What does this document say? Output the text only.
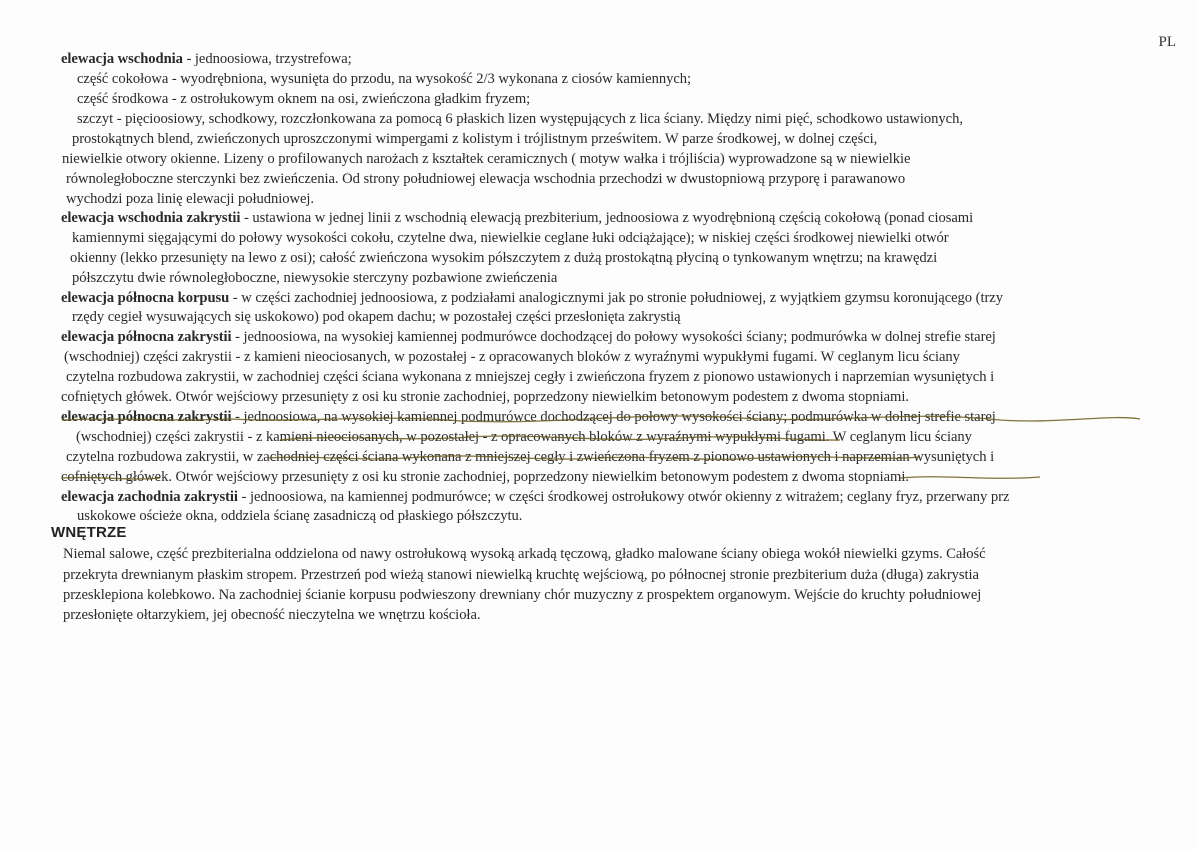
PL
elewacja wschodnia - jednoosiowa, trzystrefowa;
część cokołowa - wyodrębniona, wysunięta do przodu, na wysokość 2/3 wykonana z ciosów kamiennych;
część środkowa - z ostrołukowym oknem na osi, zwieńczona gładkim fryzem;
szczyt - pięcioosiowy, schodkowy, rozczłonkowana za pomocą 6 płaskich lizen występujących z lica ściany. Między nimi pięć, schodkowo ustawionych,
prostokątnych blend, zwieńczonych uproszczonymi wimpergami z kolistym i trójlistnym prześwitem. W parze środkowej, w dolnej części,
niewielkie otwory okienne. Lizeny o profilowanych narożach z kształtek ceramicznych ( motyw wałka i trójliścia) wyprowadzone są w niewielkie
równoległoboczne sterczynki bez zwieńczenia. Od strony południowej elewacja wschodnia przechodzi w dwustopniową przyporę i parawanowo
wychodzi poza linię elewacji południowej.
elewacja wschodnia zakrystii - ustawiona w jednej linii z wschodnią elewacją prezbiterium, jednoosiowa z wyodrębnioną częścią cokołową (ponad ciosami
kamiennymi sięgającymi do połowy wysokości cokołu, czytelne dwa, niewielkie ceglane łuki odciążające); w niskiej części środkowej niewielki otwór
okienny (lekko przesunięty na lewo z osi); całość zwieńczona wysokim półszczytem z dużą prostokątną płyciną o tynkowanym wnętrzu; na krawędzi
półszczytu dwie równoległoboczne, niewysokie sterczyny pozbawione zwieńczenia
elewacja północna korpusu - w części zachodniej jednoosiowa, z podziałami analogicznymi jak po stronie południowej, z wyjątkiem gzymsu koronującego (trzy
rzędy cegieł wysuwających się uskokowo) pod okapem dachu; w pozostałej części przesłonięta zakrystią
elewacja północna zakrystii - jednoosiowa, na wysokiej kamiennej podmurówce dochodzącej do połowy wysokości ściany; podmurówka w dolnej strefie starej
(wschodniej) części zakrystii - z kamieni nieociosanych, w pozostałej - z opracowanych bloków z wyraźnymi wypukłymi fugami. W ceglanym licu ściany
czytelna rozbudowa zakrystii, w zachodniej części ściana wykonana z mniejszej cegły i zwieńczona fryzem z pionowo ustawionych i naprzemian wysuniętych i
cofniętych główek. Otwór wejściowy przesunięty z osi ku stronie zachodniej, poprzedzony niewielkim betonowym podestem z dwoma stopniami.
elewacja północna zakrystii - jednoosiowa, na wysokiej kamiennej podmurówce dochodzącej do połowy wysokości ściany; podmurówka w dolnej strefie starej
(wschodniej) części zakrystii - z kamieni nieociosanych, w pozostałej - z opracowanych bloków z wyraźnymi wypukłymi fugami. W ceglanym licu ściany
czytelna rozbudowa zakrystii, w zachodniej części ściana wykonana z mniejszej cegły i zwieńczona fryzem z pionowo ustawionych i naprzemian wysuniętych i
cofniętych główek. Otwór wejściowy przesunięty z osi ku stronie zachodniej, poprzedzony niewielkim betonowym podestem z dwoma stopniami.
elewacja zachodnia zakrystii - jednoosiowa, na kamiennej podmurówce; w części środkowej ostrołukowy otwór okienny z witrażem; ceglany fryz, przerwany prz
uskokowe ościeże okna, oddziela ścianę zasadniczą od płaskiego półszczytu.
WNĘTRZE
Niemal salowe, część prezbiterialna oddzielona od nawy ostrołukową wysoką arkadą tęczową, gładko malowane ściany obiega wokół niewielki gzyms. Całość
przekryta drewnianym płaskim stropem. Przestrzeń pod wieżą stanowi niewielką kruchtę wejściową, po północnej stronie prezbiterium duża (długa) zakrystia
przesklepiona kolebkowo. Na zachodniej ścianie korpusu podwieszony drewniany chór muzyczny z prospektem organowym. Wejście do kruchty południowej
przesłonięte ołtarzykiem, jej obecność nieczytelna we wnętrzu kościoła.
